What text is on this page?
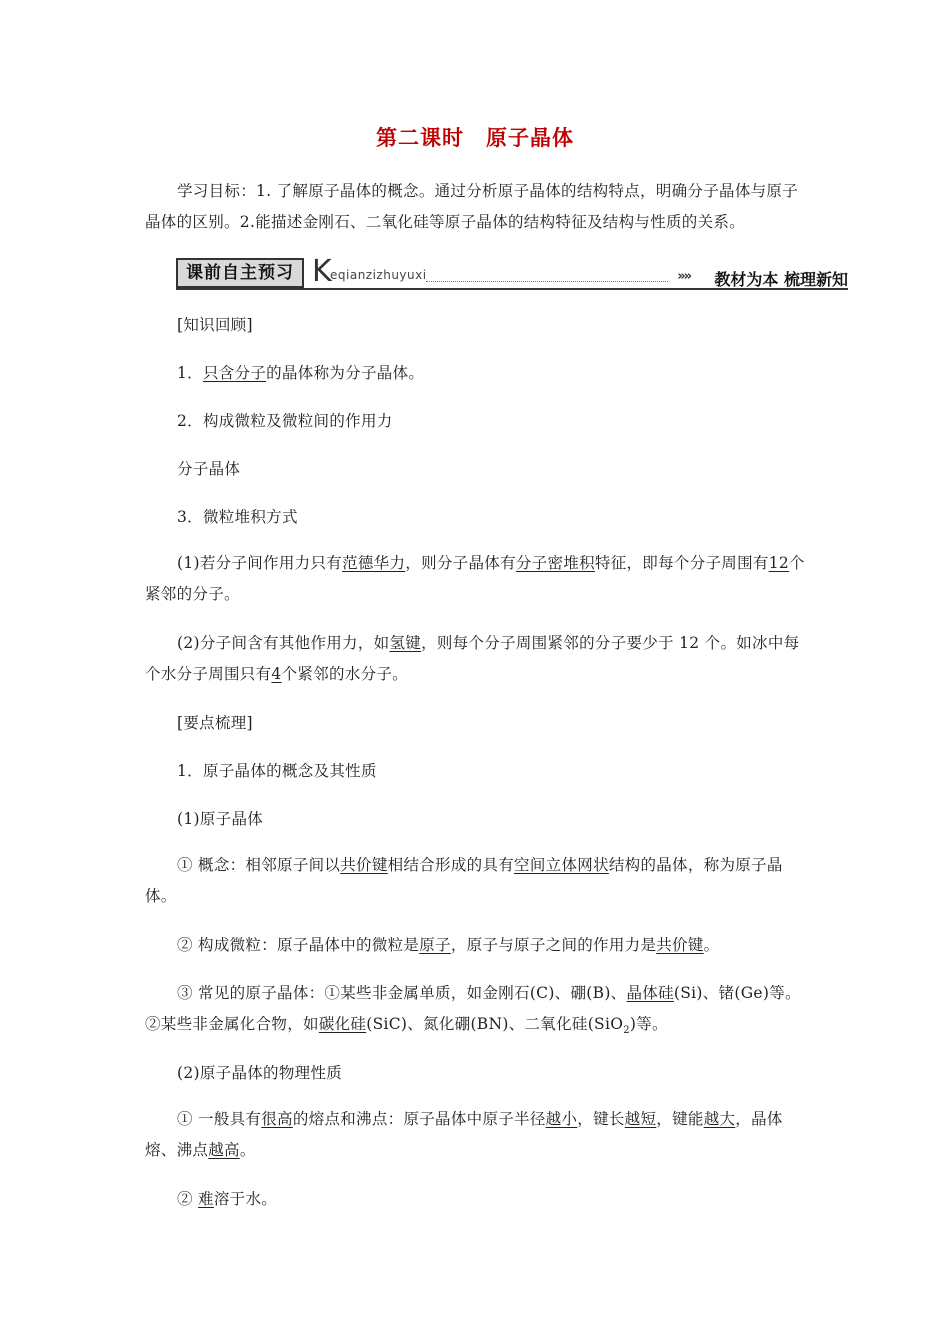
第二课时 原子晶体
学习目标：1. 了解原子晶体的概念。通过分析原子晶体的结构特点，明确分子晶体与原子晶体的区别。2.能描述金刚石、二氧化硅等原子晶体的结构特征及结构与性质的关系。
课前自主预习 K
eqianzizhuyuxi	»» 教材为本 梳理新知
[知识回顾]
1．只含分子的晶体称为分子晶体。
2．构成微粒及微粒间的作用力
分子晶体
3．微粒堆积方式
(1)若分子间作用力只有范德华力，则分子晶体有分子密堆积特征，即每个分子周围有12个紧邻的分子。
(2)分子间含有其他作用力，如氢键，则每个分子周围紧邻的分子要少于 12 个。如冰中每个水分子周围只有4个紧邻的水分子。
[要点梳理]
1．原子晶体的概念及其性质
(1)原子晶体
① 概念：相邻原子间以共价键相结合形成的具有空间立体网状结构的晶体，称为原子晶体。
② 构成微粒：原子晶体中的微粒是原子，原子与原子之间的作用力是共价键。
③ 常见的原子晶体：①某些非金属单质，如金刚石(C)、硼(B)、晶体硅(Si)、锗(Ge)等。②某些非金属化合物，如碳化硅(SiC)、氮化硼(BN)、二氧化硅(SiO$_2$)等。
(2)原子晶体的物理性质
① 一般具有很高的熔点和沸点：原子晶体中原子半径越小，键长越短，键能越大，晶体熔、沸点越高。
② 难溶于水。
